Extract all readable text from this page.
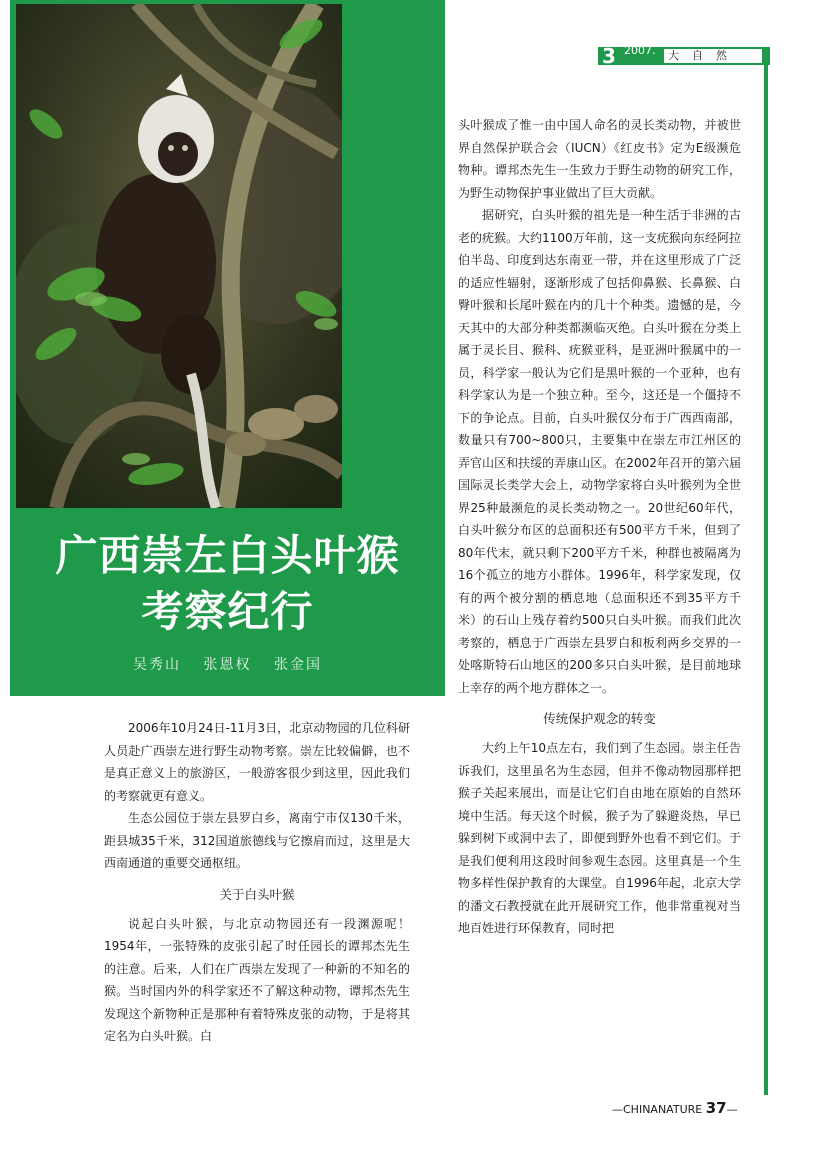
广西崇左白头叶猴
考察纪行
吴秀山 张恩权 张金国
3 2007.	大自然

头叶猴成了惟一由中国人命名的灵长类动物，并被世界自然保护联合会（IUCN）《红皮书》定为E级濒危物种。谭邦杰先生一生致力于野生动物的研究工作，为野生动物保护事业做出了巨大贡献。

据研究，白头叶猴的祖先是一种生活于非洲的古老的疣猴。大约1100万年前，这一支疣猴向东经阿拉伯半岛、印度到达东南亚一带，并在这里形成了广泛的适应性辐射，逐渐形成了包括仰鼻猴、长鼻猴、白臀叶猴和长尾叶猴在内的几十个种类。遗憾的是，今天其中的大部分种类都濒临灭绝。白头叶猴在分类上属于灵长目、猴科、疣猴亚科，是亚洲叶猴属中的一员，科学家一般认为它们是黑叶猴的一个亚种，也有科学家认为是一个独立种。至今，这还是一个僵持不下的争论点。目前，白头叶猴仅分布于广西西南部，数量只有700~800只，主要集中在崇左市江州区的弄官山区和扶绥的弄康山区。在2002年召开的第六届国际灵长类学大会上，动物学家将白头叶猴列为全世界25种最濒危的灵长类动物之一。20世纪60年代，白头叶猴分布区的总面积还有500平方千米，但到了80年代末，就只剩下200平方千米，种群也被隔离为16个孤立的地方小群体。1996年，科学家发现，仅有的两个被分割的栖息地（总面积还不到35平方千米）的石山上残存着约500只白头叶猴。而我们此次考察的，栖息于广西崇左县罗白和板利两乡交界的一处喀斯特石山地区的200多只白头叶猴，是目前地球上幸存的两个地方群体之一。

传统保护观念的转变

大约上午10点左右，我们到了生态园。崇主任告诉我们，这里虽名为生态园，但并不像动物园那样把猴子关起来展出，而是让它们自由地在原始的自然环境中生活。每天这个时候，猴子为了躲避炎热，早已躲到树下或洞中去了，即便到野外也看不到它们。于是我们便利用这段时间参观生态园。这里真是一个生物多样性保护教育的大课堂。自1996年起，北京大学的潘文石教授就在此开展研究工作，他非常重视对当地百姓进行环保教育，同时把

2006年10月24日-11月3日，北京动物园的几位科研人员赴广西崇左进行野生动物考察。崇左比较偏僻，也不是真正意义上的旅游区，一般游客很少到这里，因此我们的考察就更有意义。

生态公园位于崇左县罗白乡，离南宁市仅130千米，距县城35千米，312国道旅德线与它擦肩而过，这里是大西南通道的重要交通枢纽。

关于白头叶猴

说起白头叶猴，与北京动物园还有一段渊源呢！1954年，一张特殊的皮张引起了时任园长的谭邦杰先生的注意。后来，人们在广西崇左发现了一种新的不知名的猴。当时国内外的科学家还不了解这种动物，谭邦杰先生发现这个新物种正是那种有着特殊皮张的动物，于是将其定名为白头叶猴。白

—CHINANATURE 37—
